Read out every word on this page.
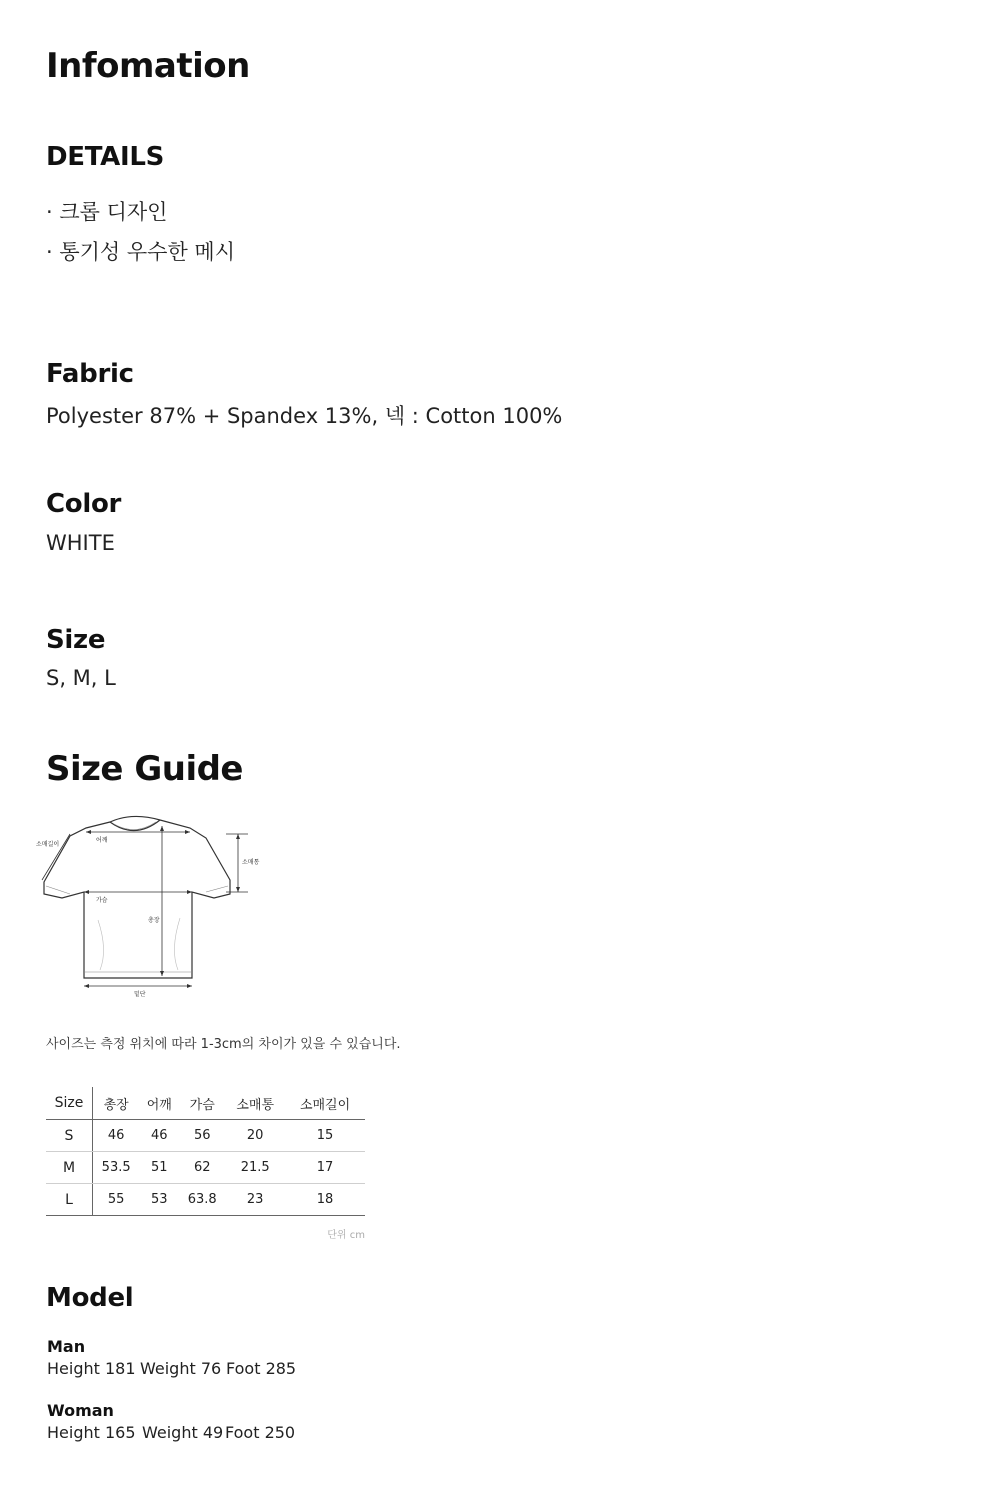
Infomation
DETAILS
· 크롭 디자인
· 통기성 우수한 메시
Fabric
Polyester 87% + Spandex 13%, 넥 : Cotton 100%
Color
WHITE
Size
S, M, L
Size Guide
소매길이
어깨
소매통
가슴
총장
밑단
사이즈는 측정 위치에 따라 1-3cm의 차이가 있을 수 있습니다.
Size	총장	어깨	가슴	소매통	소매길이
S	46	46	56	20	15
M	53.5	51	62	21.5	17
L	55	53	63.8	23	18
단위 cm
Model
Man
Height 181 Weight 76 Foot 285
Woman
Height 165 Weight 49 Foot 250
